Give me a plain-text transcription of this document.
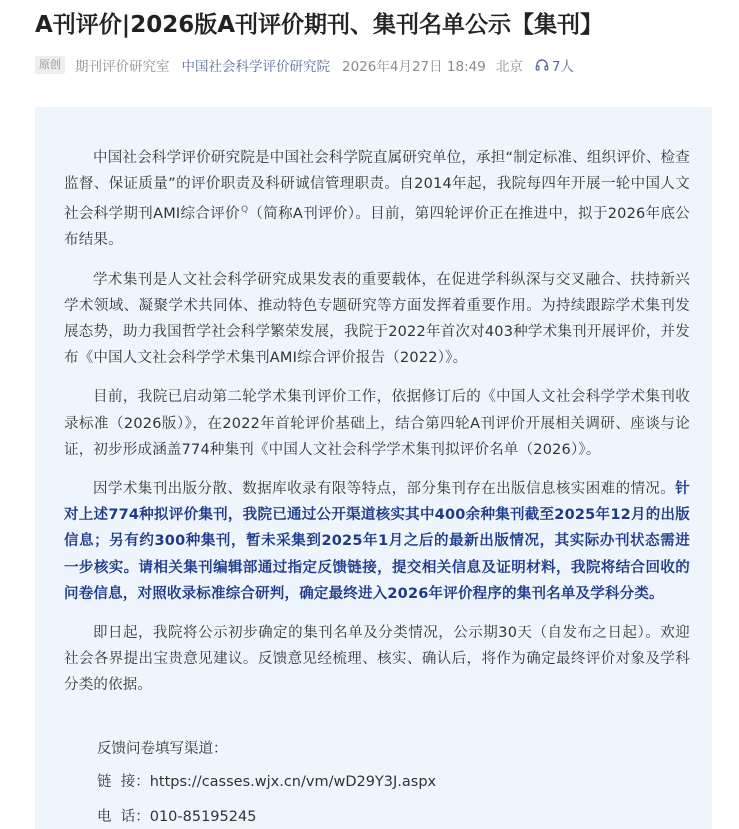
A刊评价|2026版A刊评价期刊、集刊名单公示【集刊】
原创 期刊评价研究室 中国社会科学评价研究院 2026年4月27日 18:49 北京 7人

中国社会科学评价研究院是中国社会科学院直属研究单位，承担“制定标准、组织评价、检查监督、保证质量”的评价职责及科研诚信管理职责。自2014年起，我院每四年开展一轮中国人文社会科学期刊AMI综合评价$^Q$（简称A刊评价）。目前，第四轮评价正在推进中，拟于2026年底公布结果。

学术集刊是人文社会科学研究成果发表的重要载体，在促进学科纵深与交叉融合、扶持新兴学术领域、凝聚学术共同体、推动特色专题研究等方面发挥着重要作用。为持续跟踪学术集刊发展态势，助力我国哲学社会科学繁荣发展，我院于2022年首次对403种学术集刊开展评价，并发布《中国人文社会科学学术集刊AMI综合评价报告（2022）》。

目前，我院已启动第二轮学术集刊评价工作，依据修订后的《中国人文社会科学学术集刊收录标准（2026版）》，在2022年首轮评价基础上，结合第四轮A刊评价开展相关调研、座谈与论证，初步形成涵盖774种集刊《中国人文社会科学学术集刊拟评价名单（2026）》。

因学术集刊出版分散、数据库收录有限等特点，部分集刊存在出版信息核实困难的情况。针对上述774种拟评价集刊，我院已通过公开渠道核实其中400余种集刊截至2025年12月的出版信息；另有约300种集刊，暂未采集到2025年1月之后的最新出版情况，其实际办刊状态需进一步核实。请相关集刊编辑部通过指定反馈链接，提交相关信息及证明材料，我院将结合回收的问卷信息，对照收录标准综合研判，确定最终进入2026年评价程序的集刊名单及学科分类。

即日起，我院将公示初步确定的集刊名单及分类情况，公示期30天（自发布之日起）。欢迎社会各界提出宝贵意见建议。反馈意见经梳理、核实、确认后，将作为确定最终评价对象及学科分类的依据。

反馈问卷填写渠道：
链  接：https://casses.wjx.cn/vm/wD29Y3J.aspx
电  话：010-85195245
